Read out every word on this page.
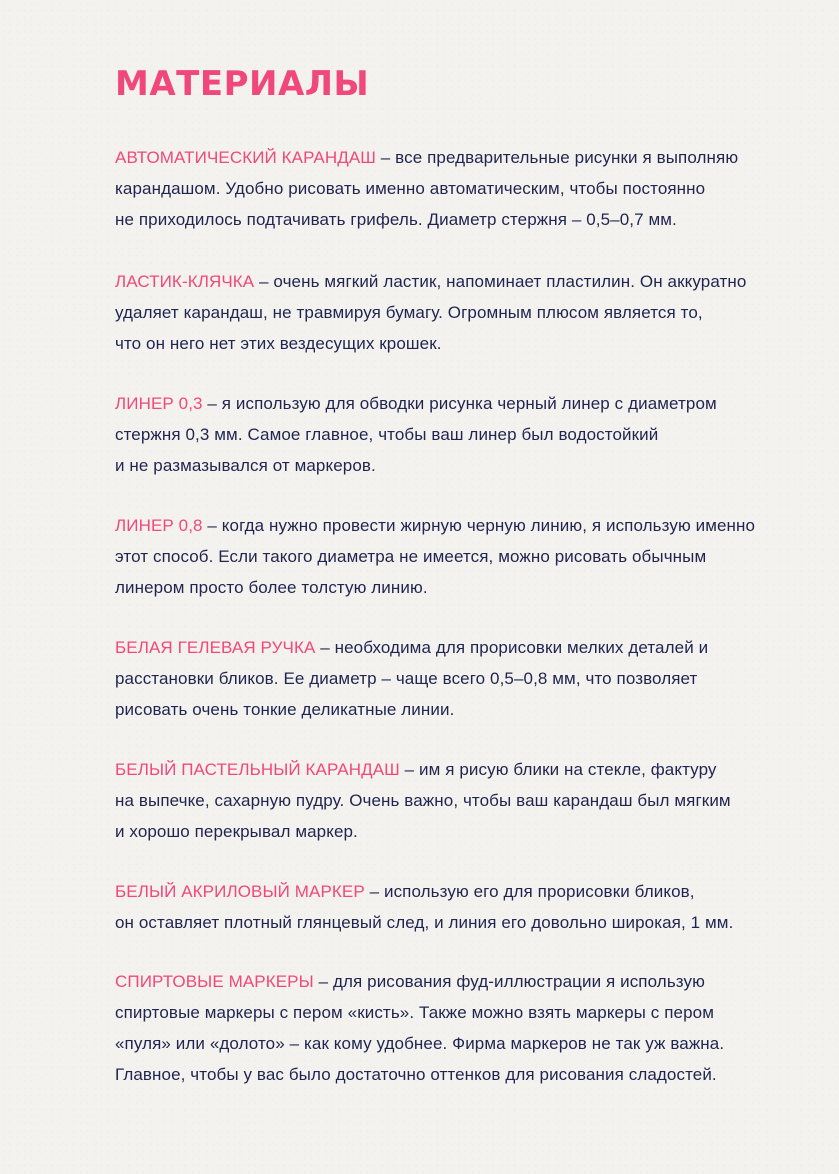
МАТЕРИАЛЫ
АВТОМАТИЧЕСКИЙ КАРАНДАШ – все предварительные рисунки я выполняю
карандашом. Удобно рисовать именно автоматическим, чтобы постоянно
не приходилось подтачивать грифель. Диаметр стержня – 0,5–0,7 мм.
ЛАСТИК-КЛЯЧКА – очень мягкий ластик, напоминает пластилин. Он аккуратно
удаляет карандаш, не травмируя бумагу. Огромным плюсом является то,
что он него нет этих вездесущих крошек.
ЛИНЕР 0,3 – я использую для обводки рисунка черный линер с диаметром
стержня 0,3 мм. Самое главное, чтобы ваш линер был водостойкий
и не размазывался от маркеров.
ЛИНЕР 0,8 – когда нужно провести жирную черную линию, я использую именно
этот способ. Если такого диаметра не имеется, можно рисовать обычным
линером просто более толстую линию.
БЕЛАЯ ГЕЛЕВАЯ РУЧКА – необходима для прорисовки мелких деталей и
расстановки бликов. Ее диаметр – чаще всего 0,5–0,8 мм, что позволяет
рисовать очень тонкие деликатные линии.
БЕЛЫЙ ПАСТЕЛЬНЫЙ КАРАНДАШ – им я рисую блики на стекле, фактуру
на выпечке, сахарную пудру. Очень важно, чтобы ваш карандаш был мягким
и хорошо перекрывал маркер.
БЕЛЫЙ АКРИЛОВЫЙ МАРКЕР – использую его для прорисовки бликов,
он оставляет плотный глянцевый след, и линия его довольно широкая, 1 мм.
СПИРТОВЫЕ МАРКЕРЫ – для рисования фуд-иллюстрации я использую
спиртовые маркеры с пером «кисть». Также можно взять маркеры с пером
«пуля» или «долото» – как кому удобнее. Фирма маркеров не так уж важна.
Главное, чтобы у вас было достаточно оттенков для рисования сладостей.
